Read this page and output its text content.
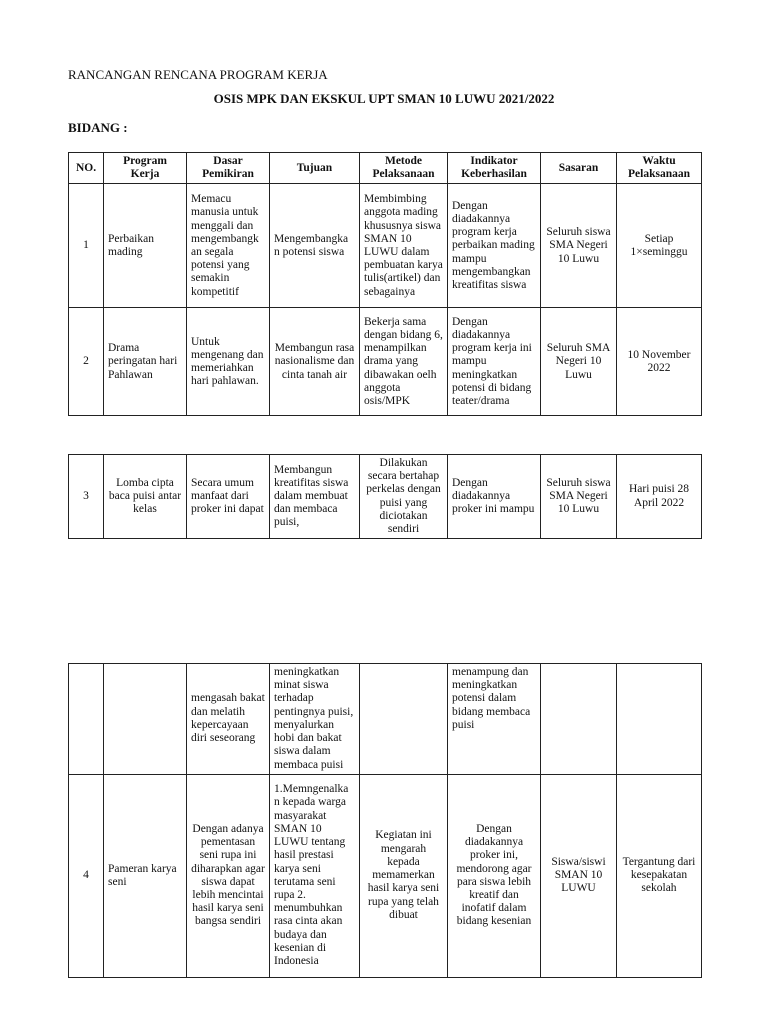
RANCANGAN RENCANA PROGRAM KERJA

OSIS MPK DAN EKSKUL UPT SMAN 10 LUWU 2021/2022

BIDANG :

NO.	Program Kerja	Dasar Pemikiran	Tujuan	Metode Pelaksanaan	Indikator Keberhasilan	Sasaran	Waktu Pelaksanaan
1	Perbaikan mading	Memacu manusia untuk menggali dan mengembangk an segala potensi yang semakin kompetitif	Mengembangka n potensi siswa	Membimbing anggota mading khususnya siswa SMAN 10 LUWU dalam pembuatan karya tulis(artikel) dan sebagainya	Dengan diadakannya program kerja perbaikan mading mampu mengembangkan kreatifitas siswa	Seluruh siswa SMA Negeri 10 Luwu	Setiap 1×seminggu
2	Drama peringatan hari Pahlawan	Untuk mengenang dan memeriahkan hari pahlawan.	Membangun rasa nasionalisme dan cinta tanah air	Bekerja sama dengan bidang 6, menampilkan drama yang dibawakan oelh anggota osis/MPK	Dengan diadakannya program kerja ini mampu meningkatkan potensi di bidang teater/drama	Seluruh SMA Negeri 10 Luwu	10 November 2022
3	Lomba cipta baca puisi antar kelas	Secara umum manfaat dari proker ini dapat	Membangun kreatifitas siswa dalam membuat dan membaca puisi,	Dilakukan secara bertahap perkelas dengan puisi yang diciotakan sendiri	Dengan diadakannya proker ini mampu	Seluruh siswa SMA Negeri 10 Luwu	Hari puisi 28 April 2022
		mengasah bakat dan melatih kepercayaan diri seseorang	meningkatkan minat siswa terhadap pentingnya puisi, menyalurkan hobi dan bakat siswa dalam membaca puisi		menampung dan meningkatkan potensi dalam bidang membaca puisi		
4	Pameran karya seni	Dengan adanya pementasan seni rupa ini diharapkan agar siswa dapat lebih mencintai hasil karya seni bangsa sendiri	1.Memngenalka n kepada warga masyarakat SMAN 10 LUWU tentang hasil prestasi karya seni terutama seni rupa 2. menumbuhkan rasa cinta akan budaya dan kesenian di Indonesia	Kegiatan ini mengarah kepada memamerkan hasil karya seni rupa yang telah dibuat	Dengan diadakannya proker ini, mendorong agar para siswa lebih kreatif dan inofatif dalam bidang kesenian	Siswa/siswi SMAN 10 LUWU	Tergantung dari kesepakatan sekolah
